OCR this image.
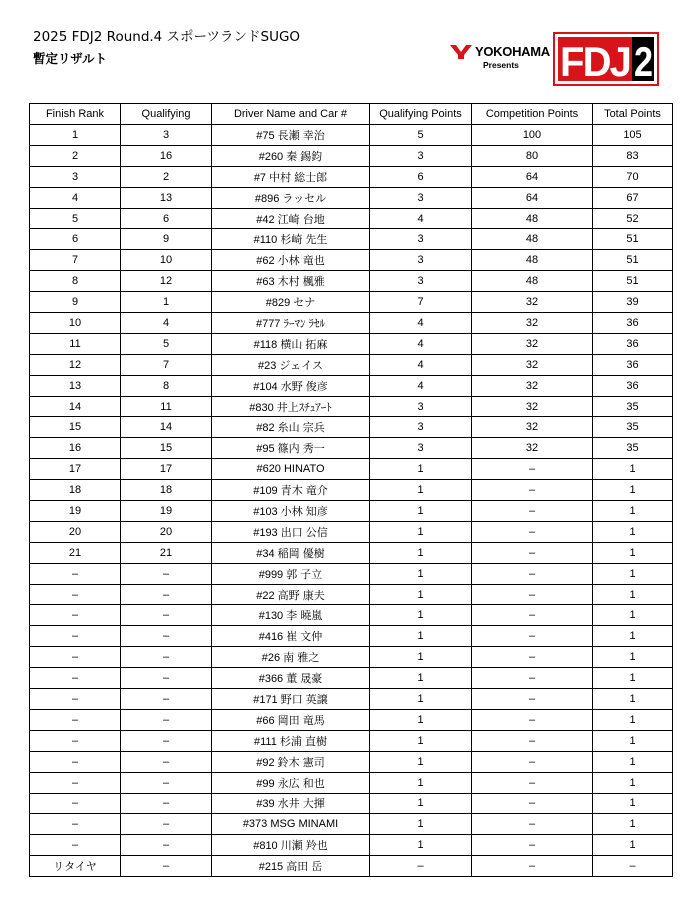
2025 FDJ2 Round.4 スポーツランドSUGO
暫定リザルト	YOKOHAMA
Presents FDJ 2
Finish Rank	Qualifying	Driver Name and Car #	Qualifying Points	Competition Points	Total Points
1	3	#75 長瀬 幸治	5	100	105
2	16	#260 秦 錫鈞	3	80	83
3	2	#7 中村 総士郎	6	64	70
4	13	#896 ラッセル	3	64	67
5	6	#42 江崎 台地	4	48	52
6	9	#110 杉崎 先生	3	48	51
7	10	#62 小林 竜也	3	48	51
8	12	#63 木村 楓雅	3	48	51
9	1	#829 セナ	7	32	39
10	4	#777 ﾗｰﾏﾝ ﾗｾﾙ	4	32	36
11	5	#118 横山 拓麻	4	32	36
12	7	#23 ジェイス	4	32	36
13	8	#104 水野 俊彦	4	32	36
14	11	#830 井上ｽﾁｭｱｰﾄ	3	32	35
15	14	#82 糸山 宗兵	3	32	35
16	15	#95 篠内 秀一	3	32	35
17	17	#620 HINATO	1	–	1
18	18	#109 青木 竜介	1	–	1
19	19	#103 小林 知彦	1	–	1
20	20	#193 出口 公信	1	–	1
21	21	#34 稲岡 優樹	1	–	1
–	–	#999 郭 子立	1	–	1
–	–	#22 高野 康夫	1	–	1
–	–	#130 李 曉嵐	1	–	1
–	–	#416 崔 文仲	1	–	1
–	–	#26 南 雅之	1	–	1
–	–	#366 董 晟豪	1	–	1
–	–	#171 野口 英譲	1	–	1
–	–	#66 岡田 竜馬	1	–	1
–	–	#111 杉浦 直樹	1	–	1
–	–	#92 鈴木 憲司	1	–	1
–	–	#99 永広 和也	1	–	1
–	–	#39 水井 大揮	1	–	1
–	–	#373 MSG MINAMI	1	–	1
–	–	#810 川瀬 羚也	1	–	1
リタイヤ	–	#215 高田 岳	–	–	–
